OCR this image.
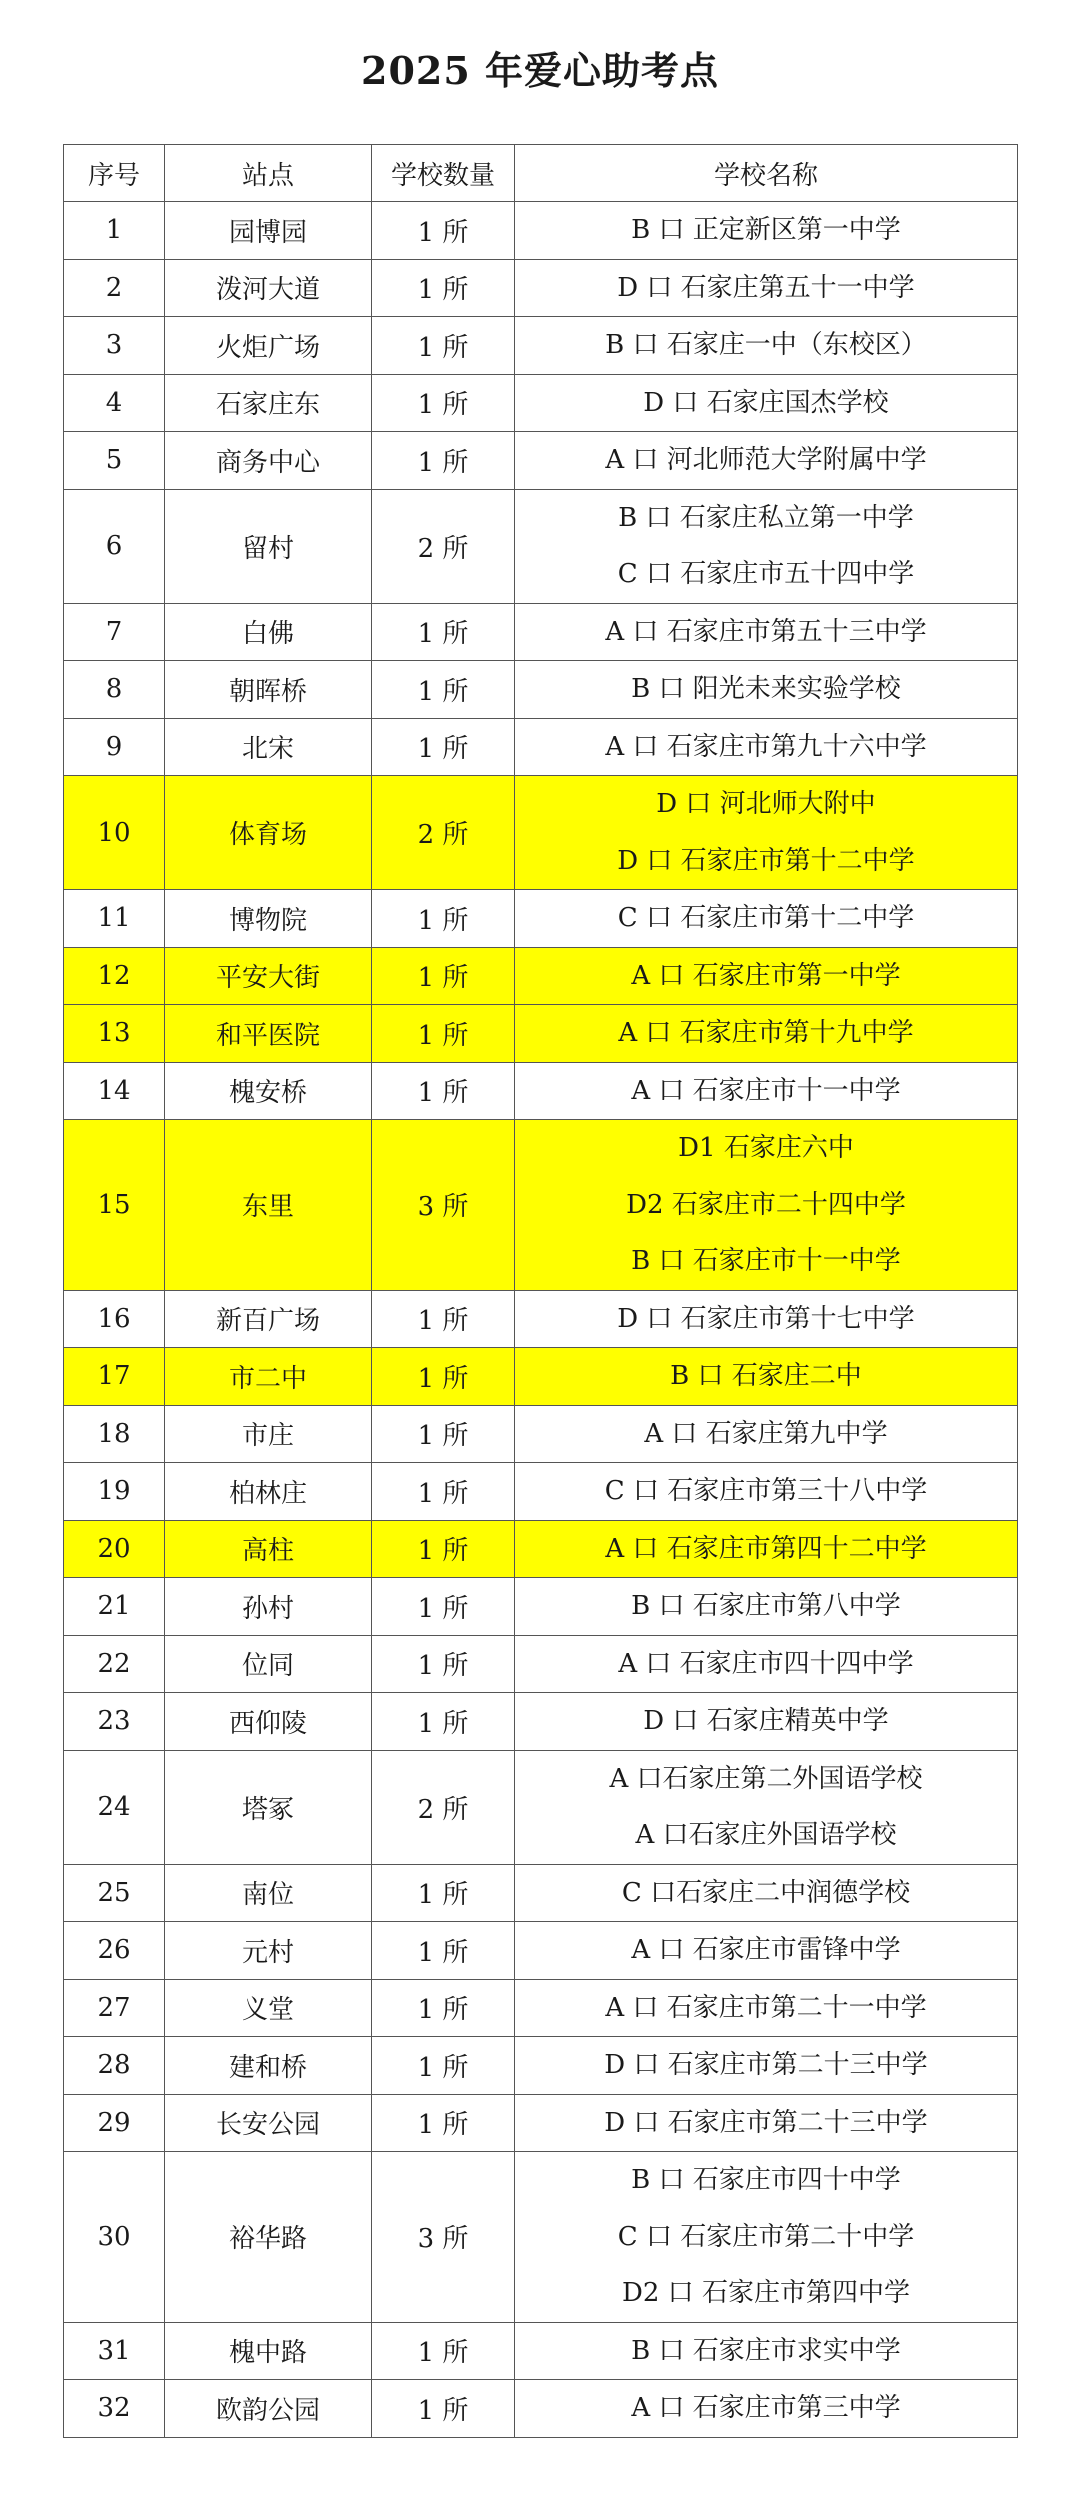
2025 年爱心助考点
序号	站点	学校数量	学校名称
1	园博园	1 所	B 口 正定新区第一中学

2	泼河大道	1 所	D 口 石家庄第五十一中学

3	火炬广场	1 所	B 口 石家庄一中（东校区）

4	石家庄东	1 所	D 口 石家庄国杰学校

5	商务中心	1 所	A 口 河北师范大学附属中学

6	留村	2 所	B 口 石家庄私立第一中学
C 口 石家庄市五十四中学

7	白佛	1 所	A 口 石家庄市第五十三中学

8	朝晖桥	1 所	B 口 阳光未来实验学校

9	北宋	1 所	A 口 石家庄市第九十六中学

10	体育场	2 所	D 口 河北师大附中
D 口 石家庄市第十二中学

11	博物院	1 所	C 口 石家庄市第十二中学

12	平安大街	1 所	A 口 石家庄市第一中学

13	和平医院	1 所	A 口 石家庄市第十九中学

14	槐安桥	1 所	A 口 石家庄市十一中学

15	东里	3 所	D1 石家庄六中
D2 石家庄市二十四中学
B 口 石家庄市十一中学

16	新百广场	1 所	D 口 石家庄市第十七中学

17	市二中	1 所	B 口 石家庄二中

18	市庄	1 所	A 口 石家庄第九中学

19	柏林庄	1 所	C 口 石家庄市第三十八中学

20	高柱	1 所	A 口 石家庄市第四十二中学

21	孙村	1 所	B 口 石家庄市第八中学

22	位同	1 所	A 口 石家庄市四十四中学

23	西仰陵	1 所	D 口 石家庄精英中学

24	塔冢	2 所	A 口石家庄第二外国语学校
A 口石家庄外国语学校

25	南位	1 所	C 口石家庄二中润德学校

26	元村	1 所	A 口 石家庄市雷锋中学

27	义堂	1 所	A 口 石家庄市第二十一中学

28	建和桥	1 所	D 口 石家庄市第二十三中学

29	长安公园	1 所	D 口 石家庄市第二十三中学

30	裕华路	3 所	B 口 石家庄市四十中学
C 口 石家庄市第二十中学
D2 口 石家庄市第四中学

31	槐中路	1 所	B 口 石家庄市求实中学

32	欧韵公园	1 所	A 口 石家庄市第三中学
